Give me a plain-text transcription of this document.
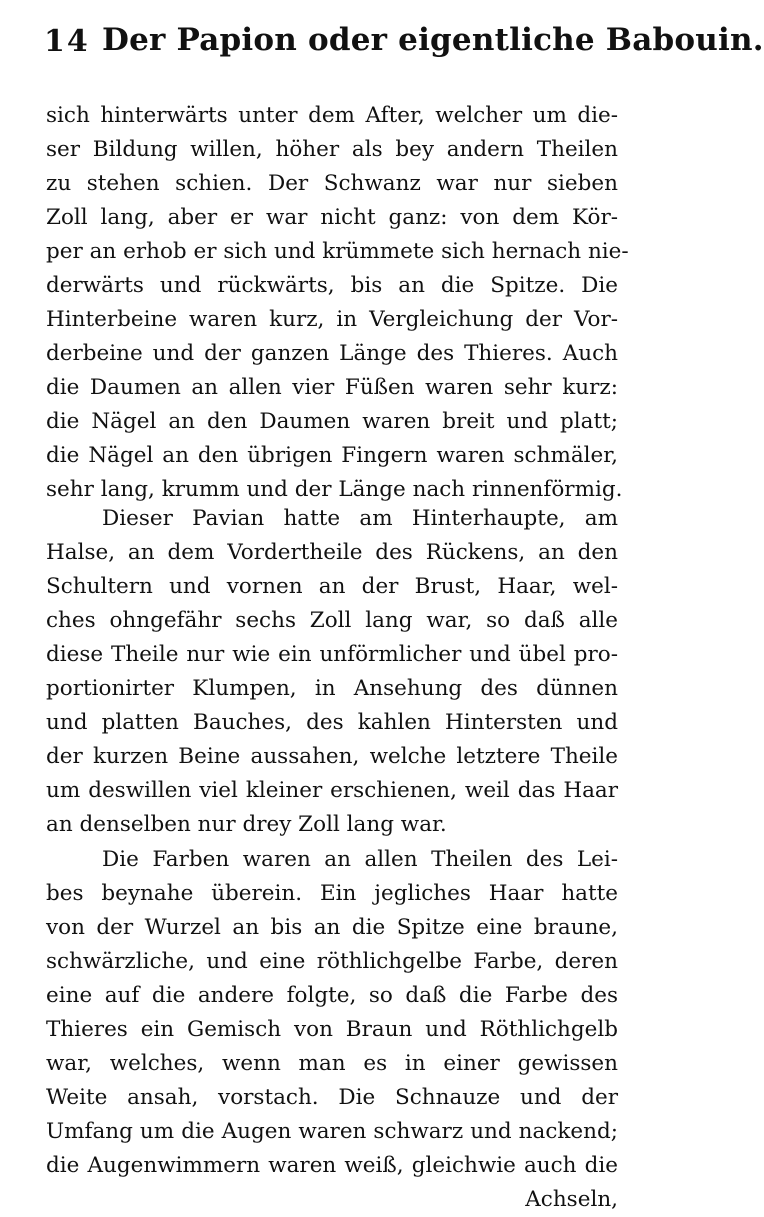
14 Der Papion oder eigentliche Babouin.
sich hinterwärts unter dem After, welcher um die-
ser Bildung willen, höher als bey andern Theilen
zu stehen schien. Der Schwanz war nur sieben
Zoll lang, aber er war nicht ganz: von dem Kör-
per an erhob er sich und krümmete sich hernach nie-
derwärts und rückwärts, bis an die Spitze. Die
Hinterbeine waren kurz, in Vergleichung der Vor-
derbeine und der ganzen Länge des Thieres. Auch
die Daumen an allen vier Füßen waren sehr kurz:
die Nägel an den Daumen waren breit und platt;
die Nägel an den übrigen Fingern waren schmäler,
sehr lang, krumm und der Länge nach rinnenförmig.
Dieser Pavian hatte am Hinterhaupte, am
Halse, an dem Vordertheile des Rückens, an den
Schultern und vornen an der Brust, Haar, wel-
ches ohngefähr sechs Zoll lang war, so daß alle
diese Theile nur wie ein unförmlicher und übel pro-
portionirter Klumpen, in Ansehung des dünnen
und platten Bauches, des kahlen Hintersten und
der kurzen Beine aussahen, welche letztere Theile
um deswillen viel kleiner erschienen, weil das Haar
an denselben nur drey Zoll lang war.
Die Farben waren an allen Theilen des Lei-
bes beynahe überein. Ein jegliches Haar hatte
von der Wurzel an bis an die Spitze eine braune,
schwärzliche, und eine röthlichgelbe Farbe, deren
eine auf die andere folgte, so daß die Farbe des
Thieres ein Gemisch von Braun und Röthlichgelb
war, welches, wenn man es in einer gewissen
Weite ansah, vorstach. Die Schnauze und der
Umfang um die Augen waren schwarz und nackend;
die Augenwimmern waren weiß, gleichwie auch die
Achseln,
